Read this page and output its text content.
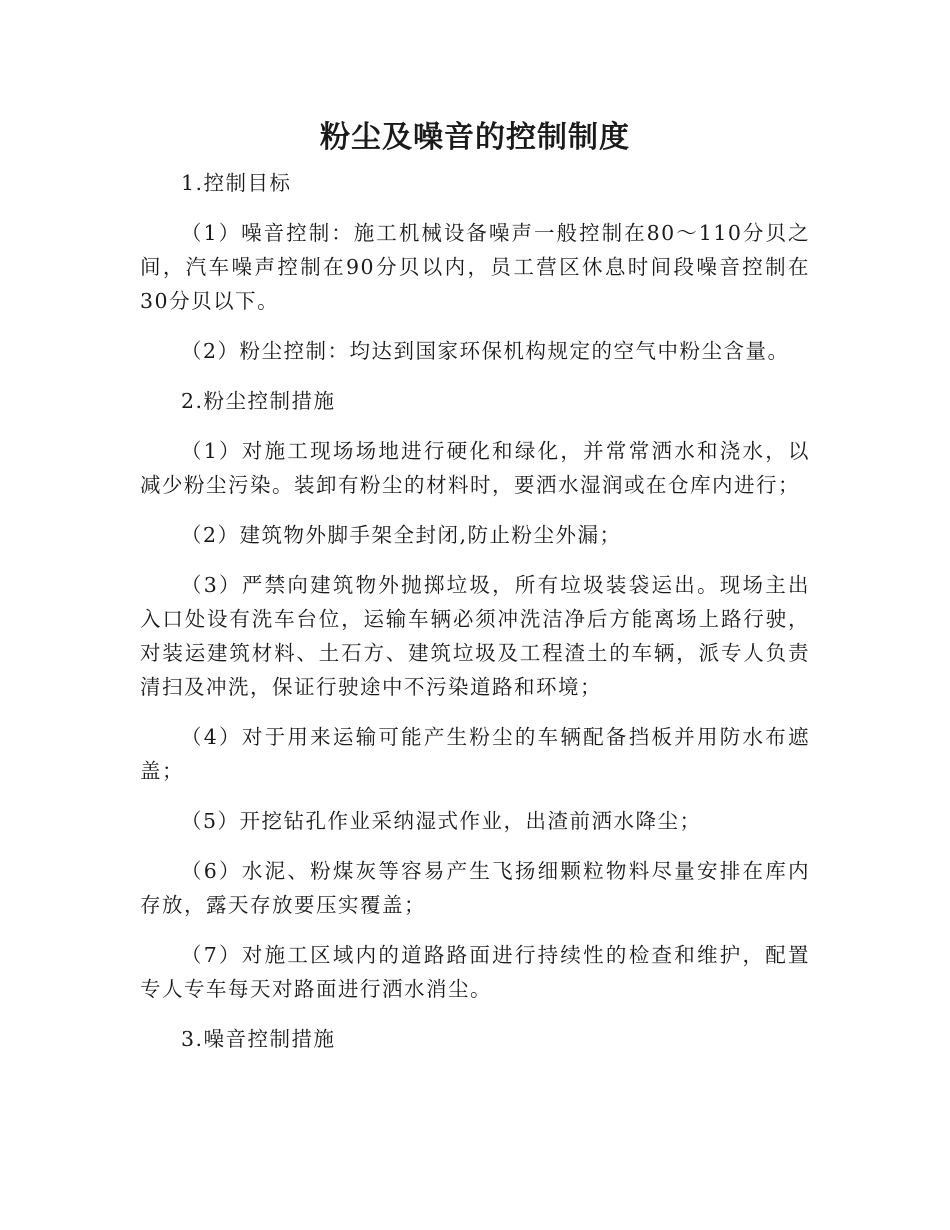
粉尘及噪音的控制制度

1.控制目标

（1）噪音控制：施工机械设备噪声一般控制在80～110分贝之间，汽车噪声控制在90分贝以内，员工营区休息时间段噪音控制在30分贝以下。

（2）粉尘控制：均达到国家环保机构规定的空气中粉尘含量。

2.粉尘控制措施

（1）对施工现场场地进行硬化和绿化，并常常洒水和浇水，以减少粉尘污染。装卸有粉尘的材料时，要洒水湿润或在仓库内进行；

（2）建筑物外脚手架全封闭,防止粉尘外漏；

（3）严禁向建筑物外抛掷垃圾，所有垃圾装袋运出。现场主出入口处设有洗车台位，运输车辆必须冲洗洁净后方能离场上路行驶，对装运建筑材料、土石方、建筑垃圾及工程渣土的车辆，派专人负责清扫及冲洗，保证行驶途中不污染道路和环境；

（4）对于用来运输可能产生粉尘的车辆配备挡板并用防水布遮盖；

（5）开挖钻孔作业采纳湿式作业，出渣前洒水降尘；

（6）水泥、粉煤灰等容易产生飞扬细颗粒物料尽量安排在库内存放，露天存放要压实覆盖；

（7）对施工区域内的道路路面进行持续性的检查和维护，配置专人专车每天对路面进行洒水消尘。

3.噪音控制措施
